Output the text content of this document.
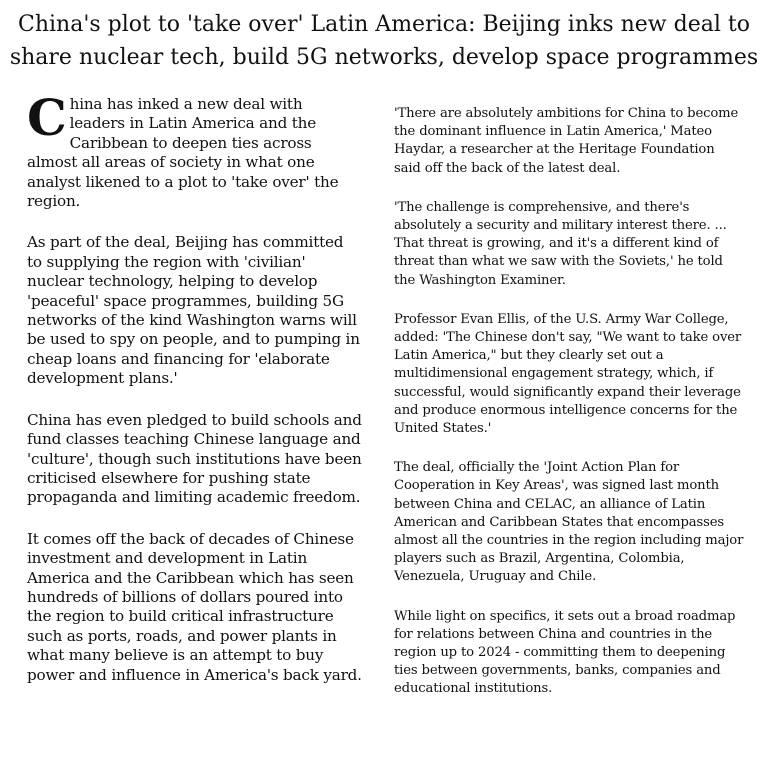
China's plot to 'take over' Latin America: Beijing inks new deal to share nuclear tech, build 5G networks, develop space programmes

China has inked a new deal with leaders in Latin America and the Caribbean to deepen ties across almost all areas of society in what one analyst likened to a plot to 'take over' the region.

As part of the deal, Beijing has committed to supplying the region with 'civilian' nuclear technology, helping to develop 'peaceful' space programmes, building 5G networks of the kind Washington warns will be used to spy on people, and to pumping in cheap loans and financing for 'elaborate development plans.'

China has even pledged to build schools and fund classes teaching Chinese language and 'culture', though such institutions have been criticised elsewhere for pushing state propaganda and limiting academic freedom.

It comes off the back of decades of Chinese investment and development in Latin America and the Caribbean which has seen hundreds of billions of dollars poured into the region to build critical infrastructure such as ports, roads, and power plants in what many believe is an attempt to buy power and influence in America's back yard.

'There are absolutely ambitions for China to become the dominant influence in Latin America,' Mateo Haydar, a researcher at the Heritage Foundation said off the back of the latest deal.

'The challenge is comprehensive, and there's absolutely a security and military interest there. ... That threat is growing, and it's a different kind of threat than what we saw with the Soviets,' he told the Washington Examiner.

Professor Evan Ellis, of the U.S. Army War College, added: 'The Chinese don't say, "We want to take over Latin America," but they clearly set out a multidimensional engagement strategy, which, if successful, would significantly expand their leverage and produce enormous intelligence concerns for the United States.'

The deal, officially the 'Joint Action Plan for Cooperation in Key Areas', was signed last month between China and CELAC, an alliance of Latin American and Caribbean States that encompasses almost all the countries in the region including major players such as Brazil, Argentina, Colombia, Venezuela, Uruguay and Chile.

While light on specifics, it sets out a broad roadmap for relations between China and countries in the region up to 2024 - committing them to deepening ties between governments, banks, companies and educational institutions.
